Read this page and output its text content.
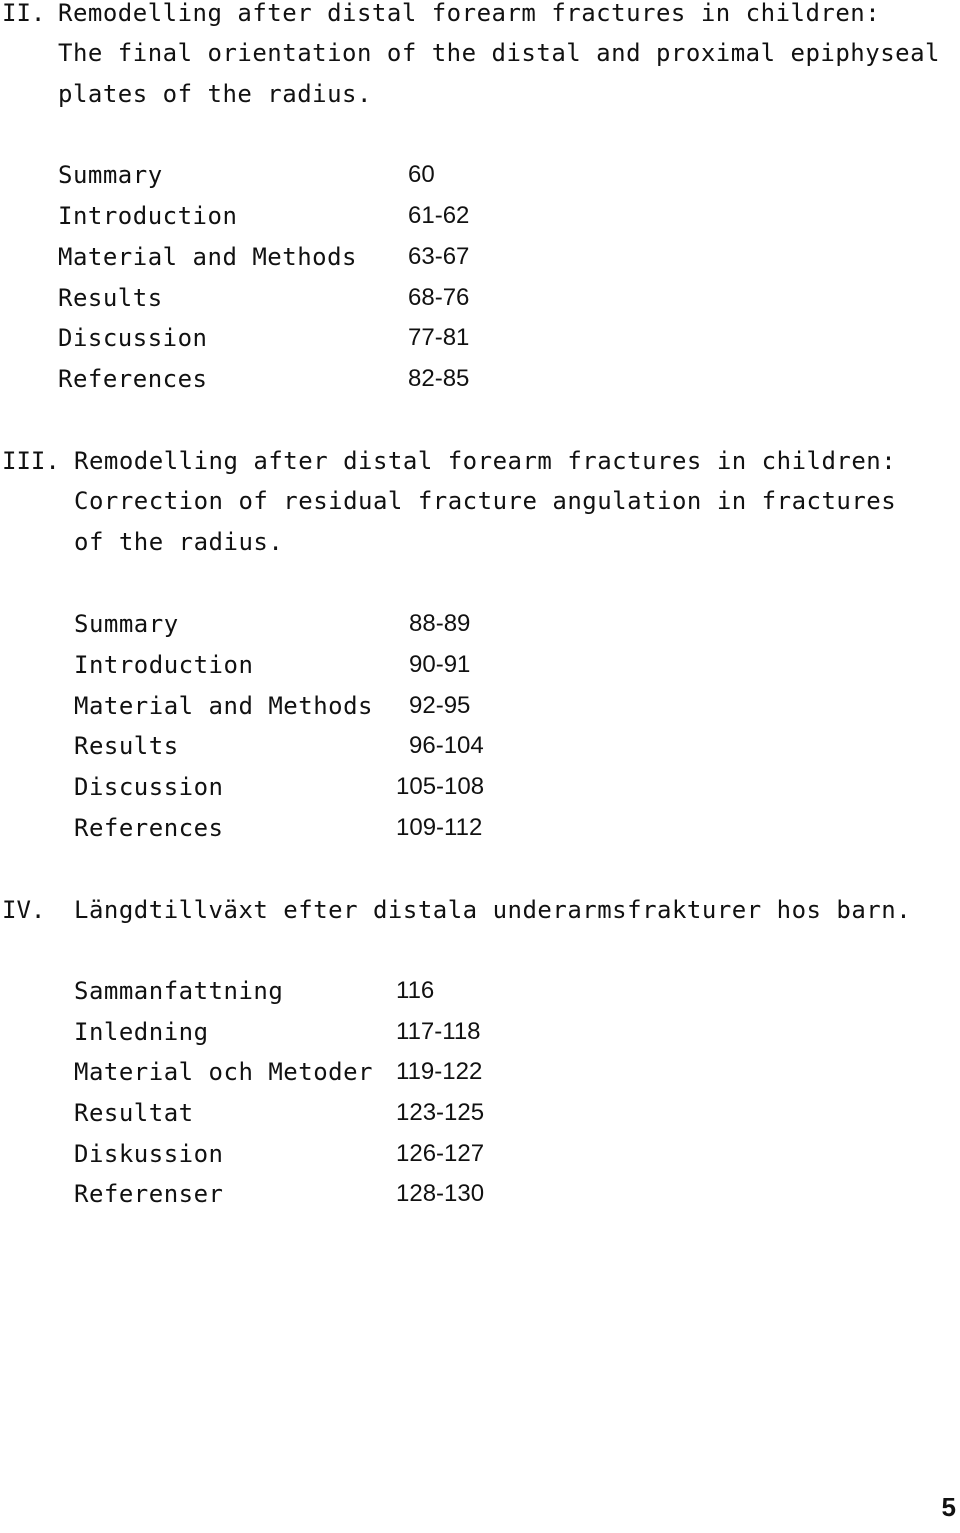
II. Remodelling after distal forearm fractures in children:
The final orientation of the distal and proximal epiphyseal
plates of the radius.
Summary	60
Introduction	61-62
Material and Methods 63-67
Results	68-76
Discussion	77-81
References	82-85
III. Remodelling after distal forearm fractures in children:
Correction of residual fracture angulation in fractures
of the radius.
Summary	88-89
Introduction	90-91
Material and Methods 92-95
Results	96-104
Discussion	105-108
References	109-112
IV. Längdtillväxt efter distala underarmsfrakturer hos barn.
Sammanfattning	116
Inledning	117-118
Material och Metoder 119-122
Resultat	123-125
Diskussion	126-127
Referenser	128-130
5
